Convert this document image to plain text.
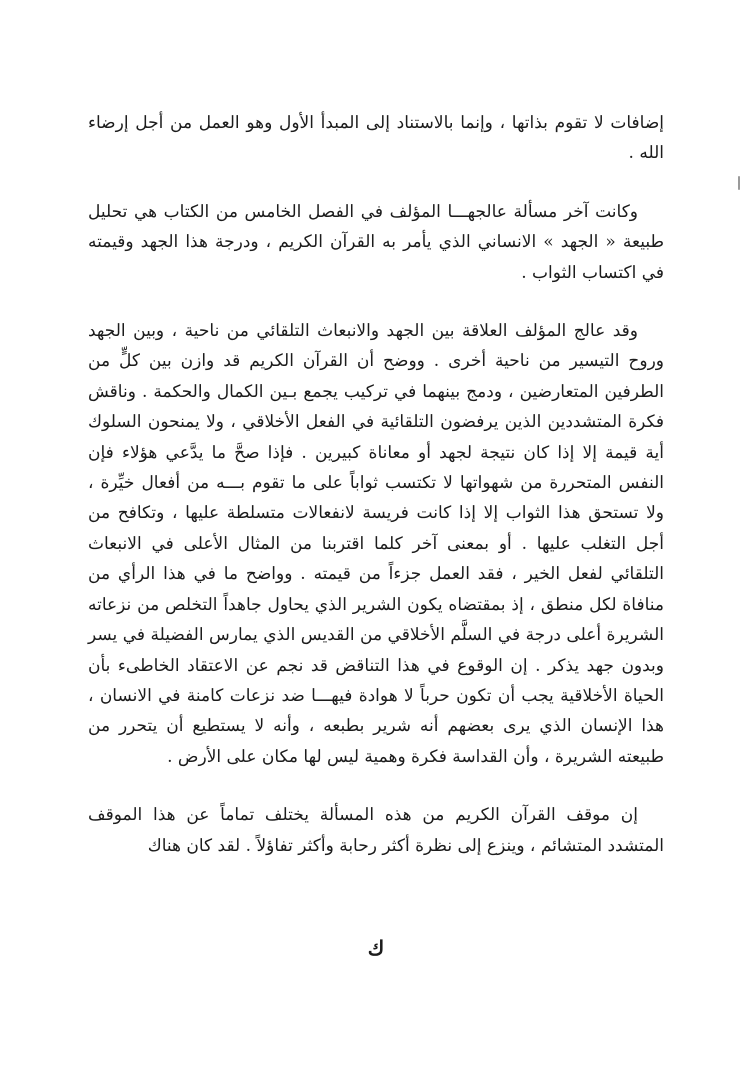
إضافات لا تقوم بذاتها ، وإنما بالاستناد إلى المبدأ الأول وهو العمل من أجل إرضاء الله .

وكانت آخر مسألة عالجهـــا المؤلف في الفصل الخامس من الكتاب هي تحليل طبيعة « الجهد » الانساني الذي يأمر به القرآن الكريم ، ودرجة هذا الجهد وقيمته في اكتساب الثواب .

وقد عالج المؤلف العلاقة بين الجهد والانبعاث التلقائي من ناحية ، وبين الجهد وروح التيسير من ناحية أخرى . ووضح أن القرآن الكريم قد وازن بين كلٍّ من الطرفين المتعارضين ، ودمج بينهما في تركيب يجمع بـين الكمال والحكمة . وناقش فكرة المتشددين الذين يرفضون التلقائية في الفعل الأخلاقي ، ولا يمنحون السلوك أية قيمة إلا إذا كان نتيجة لجهد أو معاناة كبيرين . فإذا صحَّ ما يدَّعي هؤلاء فإن النفس المتحررة من شهواتها لا تكتسب ثواباً على ما تقوم بـــه من أفعال خيِّرة ، ولا تستحق هذا الثواب إلا إذا كانت فريسة لانفعالات متسلطة عليها ، وتكافح من أجل التغلب عليها . أو بمعنى آخر كلما اقتربنا من المثال الأعلى في الانبعاث التلقائي لفعل الخير ، فقد العمل جزءاً من قيمته . وواضح ما في هذا الرأي من منافاة لكل منطق ، إذ بمقتضاه يكون الشرير الذي يحاول جاهداً التخلص من نزعاته الشريرة أعلى درجة في السلَّم الأخلاقي من القديس الذي يمارس الفضيلة في يسر وبدون جهد يذكر . إن الوقوع في هذا التناقض قد نجم عن الاعتقاد الخاطىء بأن الحياة الأخلاقية يجب أن تكون حرباً لا هوادة فيهـــا ضد نزعات كامنة في الانسان ، هذا الإنسان الذي يرى بعضهم أنه شرير بطبعه ، وأنه لا يستطيع أن يتحرر من طبيعته الشريرة ، وأن القداسة فكرة وهمية ليس لها مكان على الأرض .

إن موقف القرآن الكريم من هذه المسألة يختلف تماماً عن هذا الموقف المتشدد المتشائم ، وينزع إلى نظرة أكثر رحابة وأكثر تفاؤلاً . لقد كان هناك

ك
